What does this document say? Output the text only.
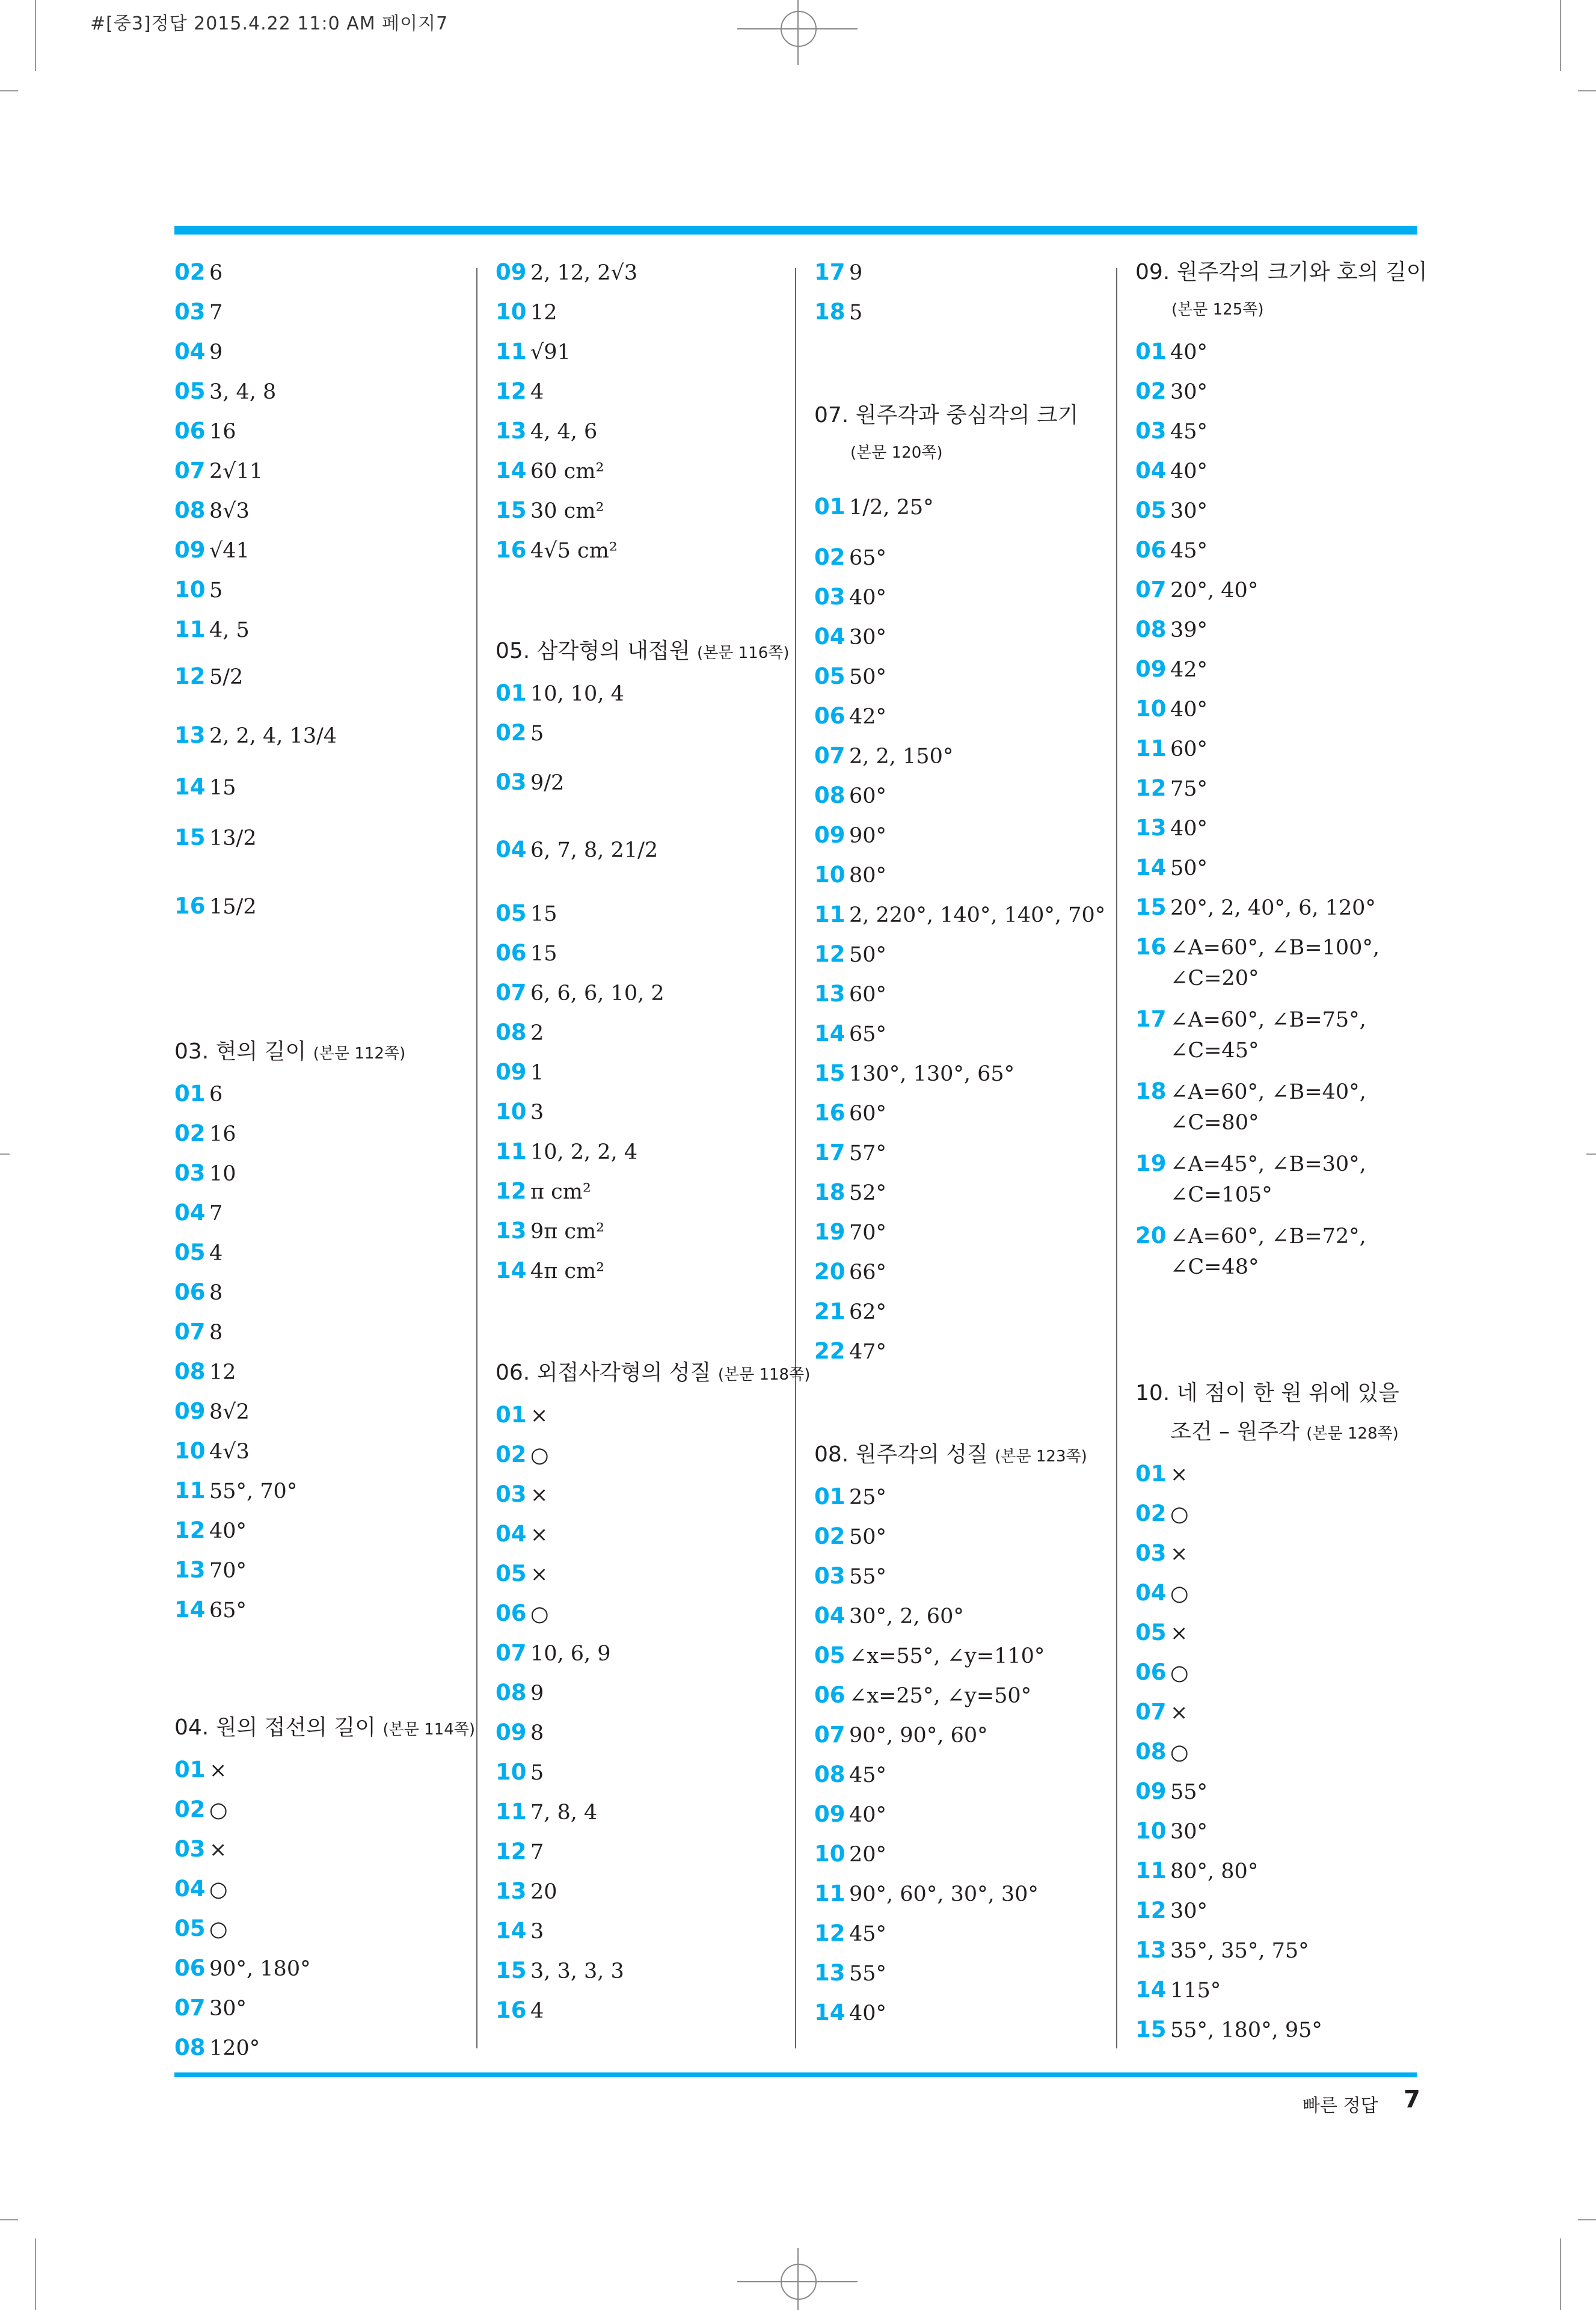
#[중3]정답 2015.4.22 11:0 AM 페이지7
02 6
03 7
04 9
05 3, 4, 8
06 16
07 2√11
08 8√3
09 √41
10 5
11 4, 5
12 5/2
13 2, 2, 4, 13/4
14 15
15 13/2
16 15/2
03. 현의 길이 (본문 112쪽)
01 6
02 16
03 10
04 7
05 4
06 8
07 8
08 12
09 8√2
10 4√3
11 55°, 70°
12 40°
13 70°
14 65°
04. 원의 접선의 길이 (본문 114쪽)
01 ×
02 ○
03 ×
04 ○
05 ○
06 90°, 180°
07 30°
08 120°
09 2, 12, 2√3
10 12
11 √91
12 4
13 4, 4, 6
14 60 cm²
15 30 cm²
16 4√5 cm²
05. 삼각형의 내접원 (본문 116쪽)
01 10, 10, 4
02 5
03 9/2
04 6, 7, 8, 21/2
05 15
06 15
07 6, 6, 6, 10, 2
08 2
09 1
10 3
11 10, 2, 2, 4
12 π cm²
13 9π cm²
14 4π cm²
06. 외접사각형의 성질 (본문 118쪽)
01 ×
02 ○
03 ×
04 ×
05 ×
06 ○
07 10, 6, 9
08 9
09 8
10 5
11 7, 8, 4
12 7
13 20
14 3
15 3, 3, 3, 3
16 4
17 9
18 5
07. 원주각과 중심각의 크기
(본문 120쪽)
01 1/2, 25°
02 65°
03 40°
04 30°
05 50°
06 42°
07 2, 2, 150°
08 60°
09 90°
10 80°
11 2, 220°, 140°, 140°, 70°
12 50°
13 60°
14 65°
15 130°, 130°, 65°
16 60°
17 57°
18 52°
19 70°
20 66°
21 62°
22 47°
08. 원주각의 성질 (본문 123쪽)
01 25°
02 50°
03 55°
04 30°, 2, 60°
05 ∠x=55°, ∠y=110°
06 ∠x=25°, ∠y=50°
07 90°, 90°, 60°
08 45°
09 40°
10 20°
11 90°, 60°, 30°, 30°
12 45°
13 55°
14 40°
09. 원주각의 크기와 호의 길이
(본문 125쪽)
01 40°
02 30°
03 45°
04 40°
05 30°
06 45°
07 20°, 40°
08 39°
09 42°
10 40°
11 60°
12 75°
13 40°
14 50°
15 20°, 2, 40°, 6, 120°
16 ∠A=60°, ∠B=100°,
∠C=20°
17 ∠A=60°, ∠B=75°,
∠C=45°
18 ∠A=60°, ∠B=40°,
∠C=80°
19 ∠A=45°, ∠B=30°,
∠C=105°
20 ∠A=60°, ∠B=72°,
∠C=48°
10. 네 점이 한 원 위에 있을
조건 – 원주각 (본문 128쪽)
01 ×
02 ○
03 ×
04 ○
05 ×
06 ○
07 ×
08 ○
09 55°
10 30°
11 80°, 80°
12 30°
13 35°, 35°, 75°
14 115°
15 55°, 180°, 95°
빠른 정답 7
